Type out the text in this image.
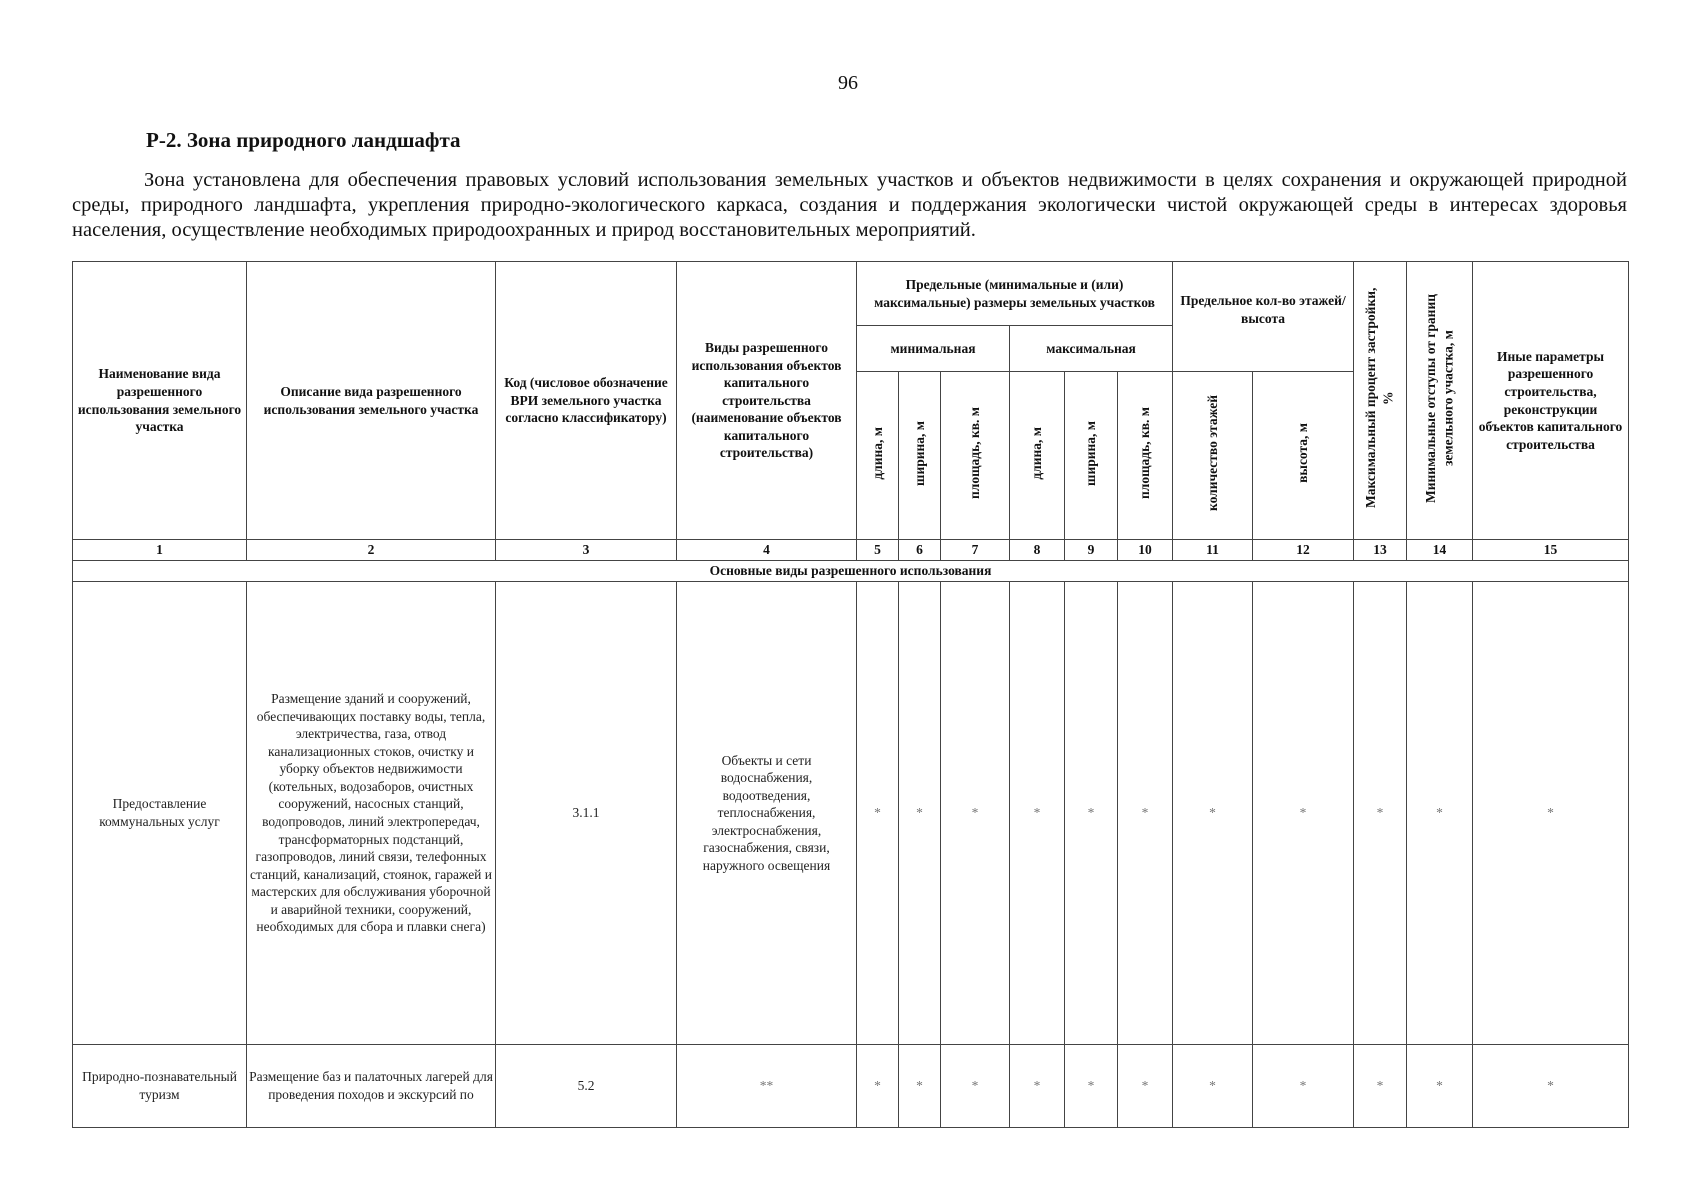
96
Р-2. Зона природного ландшафта

Зона установлена для обеспечения правовых условий использования земельных участков и объектов недвижимости в целях сохранения и окружающей природной среды, природного ландшафта, укрепления природно-экологического каркаса, создания и поддержания экологически чистой окружающей среды в интересах здоровья населения, осуществление необходимых природоохранных и природ восстановительных мероприятий.

Наименование вида разрешенного использования земельного участка	Описание вида разрешенного использования земельного участка	Код (числовое обозначение ВРИ земельного участка согласно классификатору)	Виды разрешенного использования объектов капитального строительства (наименование объектов капитального строительства)	Предельные (минимальные и (или) максимальные) размеры земельных участков						Предельное кол-во этажей/высота		Максимальный процент застройки, %	Минимальные отступы от границ земельного участка, м	Иные параметры разрешенного строительства, реконструкции объектов капитального строительства
				минимальная			максимальная							
				длина, м	ширина, м	площадь, кв. м	длина, м	ширина, м	площадь, кв. м	количество этажей	высота, м			
1	2	3	4	5	6	7	8	9	10	11	12	13	14	15
Основные виды разрешенного использования														
Предоставление коммунальных услуг	Размещение зданий и сооружений, обеспечивающих поставку воды, тепла, электричества, газа, отвод канализационных стоков, очистку и уборку объектов недвижимости (котельных, водозаборов, очистных сооружений, насосных станций, водопроводов, линий электропередач, трансформаторных подстанций, газопроводов, линий связи, телефонных станций, канализаций, стоянок, гаражей и мастерских для обслуживания уборочной и аварийной техники, сооружений, необходимых для сбора и плавки снега)	3.1.1	Объекты и сети водоснабжения, водоотведения, теплоснабжения, электроснабжения, газоснабжения, связи, наружного освещения	*	*	*	*	*	*	*	*	*	*	*
Природно-познавательный туризм	Размещение баз и палаточных лагерей для проведения походов и экскурсий по	5.2	**	*	*	*	*	*	*	*	*	*	*	*
